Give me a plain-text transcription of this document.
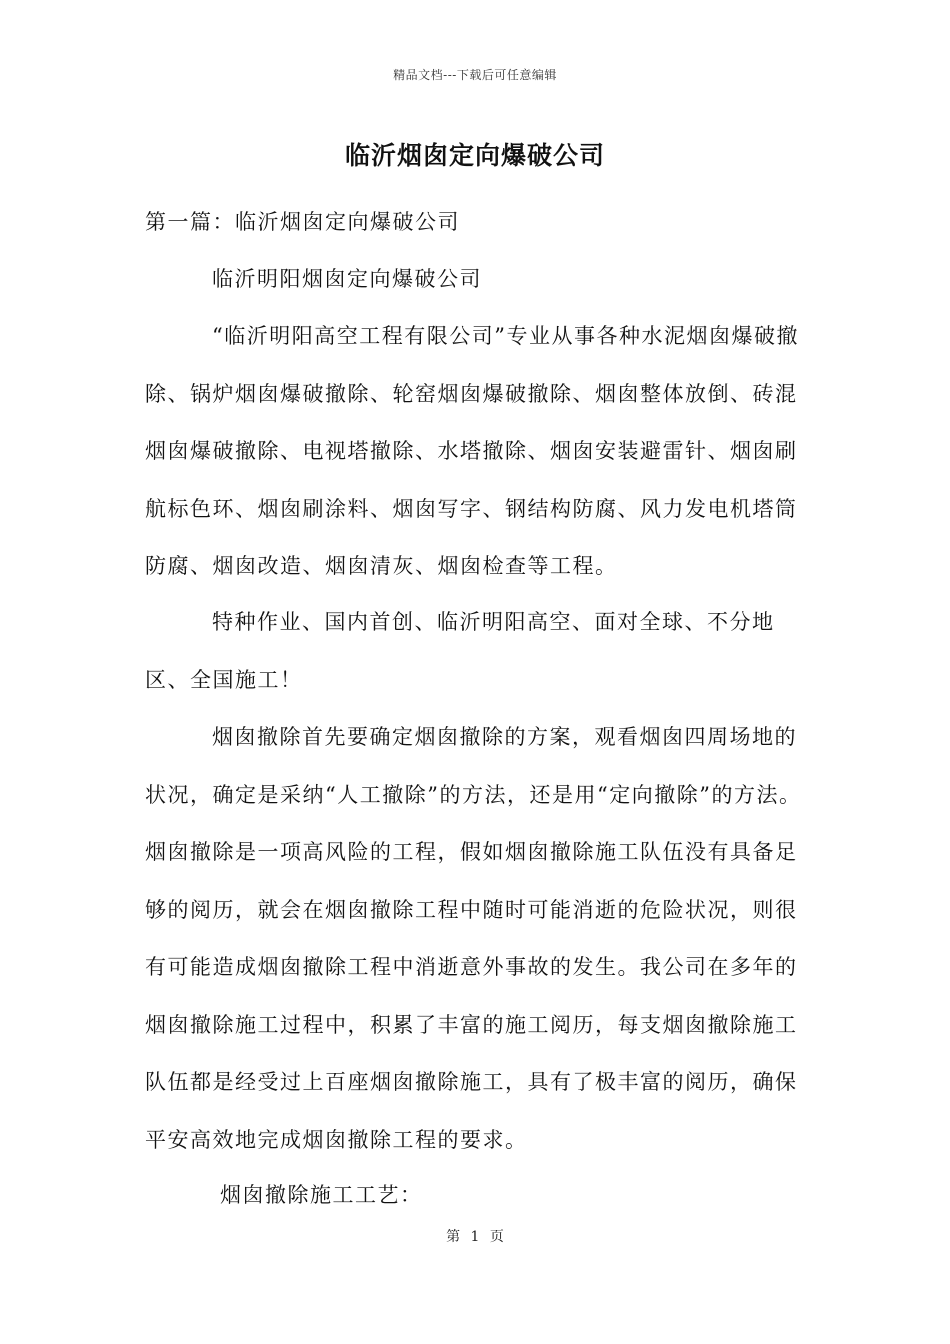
精品文档---下载后可任意编辑
临沂烟囱定向爆破公司
第一篇：临沂烟囱定向爆破公司
临沂明阳烟囱定向爆破公司
“临沂明阳高空工程有限公司”专业从事各种水泥烟囱爆破撤除、锅炉烟囱爆破撤除、轮窑烟囱爆破撤除、烟囱整体放倒、砖混烟囱爆破撤除、电视塔撤除、水塔撤除、烟囱安装避雷针、烟囱刷航标色环、烟囱刷涂料、烟囱写字、钢结构防腐、风力发电机塔筒防腐、烟囱改造、烟囱清灰、烟囱检查等工程。
特种作业、国内首创、临沂明阳高空、面对全球、不分地区、全国施工！
烟囱撤除首先要确定烟囱撤除的方案，观看烟囱四周场地的状况，确定是采纳“人工撤除”的方法，还是用“定向撤除”的方法。烟囱撤除是一项高风险的工程，假如烟囱撤除施工队伍没有具备足够的阅历，就会在烟囱撤除工程中随时可能消逝的危险状况，则很有可能造成烟囱撤除工程中消逝意外事故的发生。我公司在多年的烟囱撤除施工过程中，积累了丰富的施工阅历，每支烟囱撤除施工队伍都是经受过上百座烟囱撤除施工，具有了极丰富的阅历，确保平安高效地完成烟囱撤除工程的要求。
烟囱撤除施工工艺：
第 1 页
